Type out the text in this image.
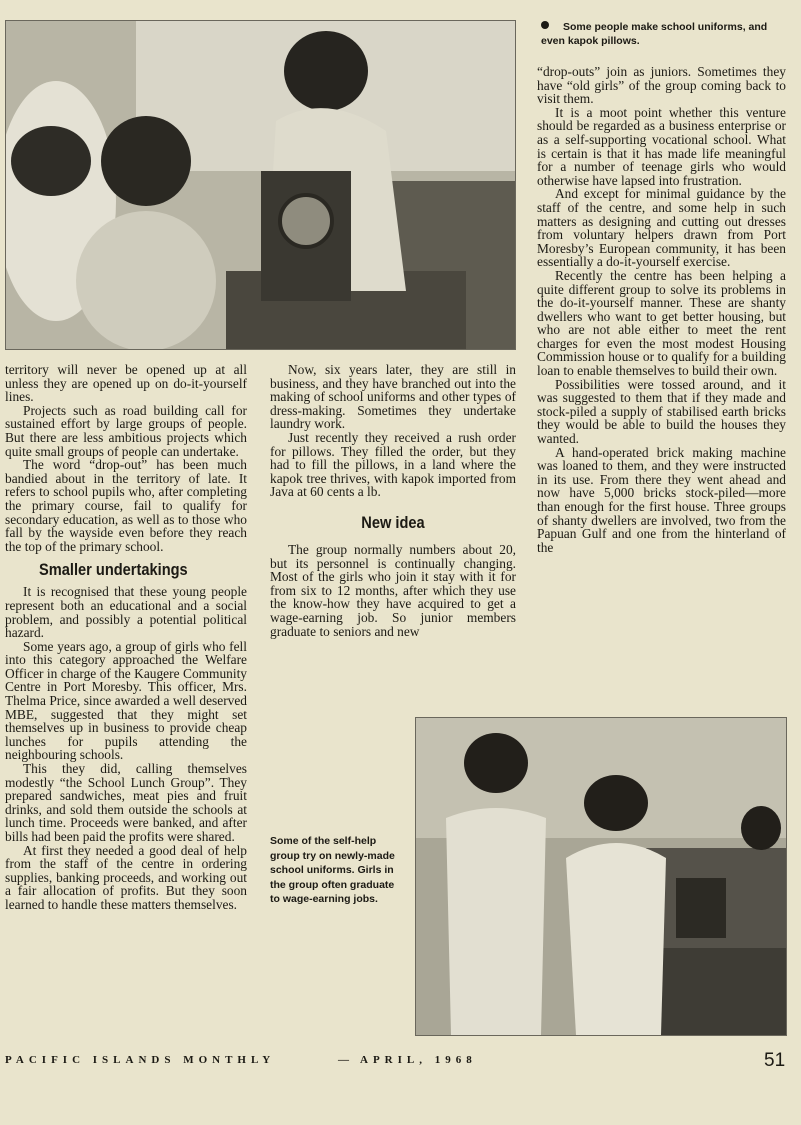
Some people make school uniforms, and even kapok pillows.

territory will never be opened up at all unless they are opened up on do-it-yourself lines.

Projects such as road building call for sustained effort by large groups of people. But there are less ambitious projects which quite small groups of people can undertake.

The word “drop-out” has been much bandied about in the territory of late. It refers to school pupils who, after completing the primary course, fail to qualify for secondary education, as well as to those who fall by the wayside even before they reach the top of the primary school.

Smaller undertakings

It is recognised that these young people represent both an educational and a social problem, and possibly a potential political hazard.

Some years ago, a group of girls who fell into this category approached the Welfare Officer in charge of the Kaugere Community Centre in Port Moresby. This officer, Mrs. Thelma Price, since awarded a well deserved MBE, suggested that they might set themselves up in business to provide cheap lunches for pupils attending the neighbouring schools.

This they did, calling themselves modestly “the School Lunch Group”. They prepared sandwiches, meat pies and fruit drinks, and sold them outside the schools at lunch time. Proceeds were banked, and after bills had been paid the profits were shared.

At first they needed a good deal of help from the staff of the centre in ordering supplies, banking proceeds, and working out a fair allocation of profits. But they soon learned to handle these matters themselves.

Now, six years later, they are still in business, and they have branched out into the making of school uniforms and other types of dress-making. Sometimes they undertake laundry work.

Just recently they received a rush order for pillows. They filled the order, but they had to fill the pillows, in a land where the kapok tree thrives, with kapok imported from Java at 60 cents a lb.

New idea

The group normally numbers about 20, but its personnel is continually changing. Most of the girls who join it stay with it for from six to 12 months, after which they use the know-how they have acquired to get a wage-earning job. So junior members graduate to seniors and new

“drop-outs” join as juniors. Sometimes they have “old girls” of the group coming back to visit them.

It is a moot point whether this venture should be regarded as a business enterprise or as a self-supporting vocational school. What is certain is that it has made life meaningful for a number of teenage girls who would otherwise have lapsed into frustration.

And except for minimal guidance by the staff of the centre, and some help in such matters as designing and cutting out dresses from voluntary helpers drawn from Port Moresby’s European community, it has been essentially a do-it-yourself exercise.

Recently the centre has been helping a quite different group to solve its problems in the do-it-yourself manner. These are shanty dwellers who want to get better housing, but who are not able either to meet the rent charges for even the most modest Housing Commission house or to qualify for a building loan to enable themselves to build their own.

Possibilities were tossed around, and it was suggested to them that if they made and stock-piled a supply of stabilised earth bricks they would be able to build the houses they wanted.

A hand-operated brick making machine was loaned to them, and they were instructed in its use. From there they went ahead and now have 5,000 bricks stock-piled—more than enough for the first house. Three groups of shanty dwellers are involved, two from the Papuan Gulf and one from the hinterland of the

Some of the self-help group try on newly-made school uniforms. Girls in the group often graduate to wage-earning jobs.
PACIFIC ISLANDS MONTHLY	— APRIL, 1968	51
